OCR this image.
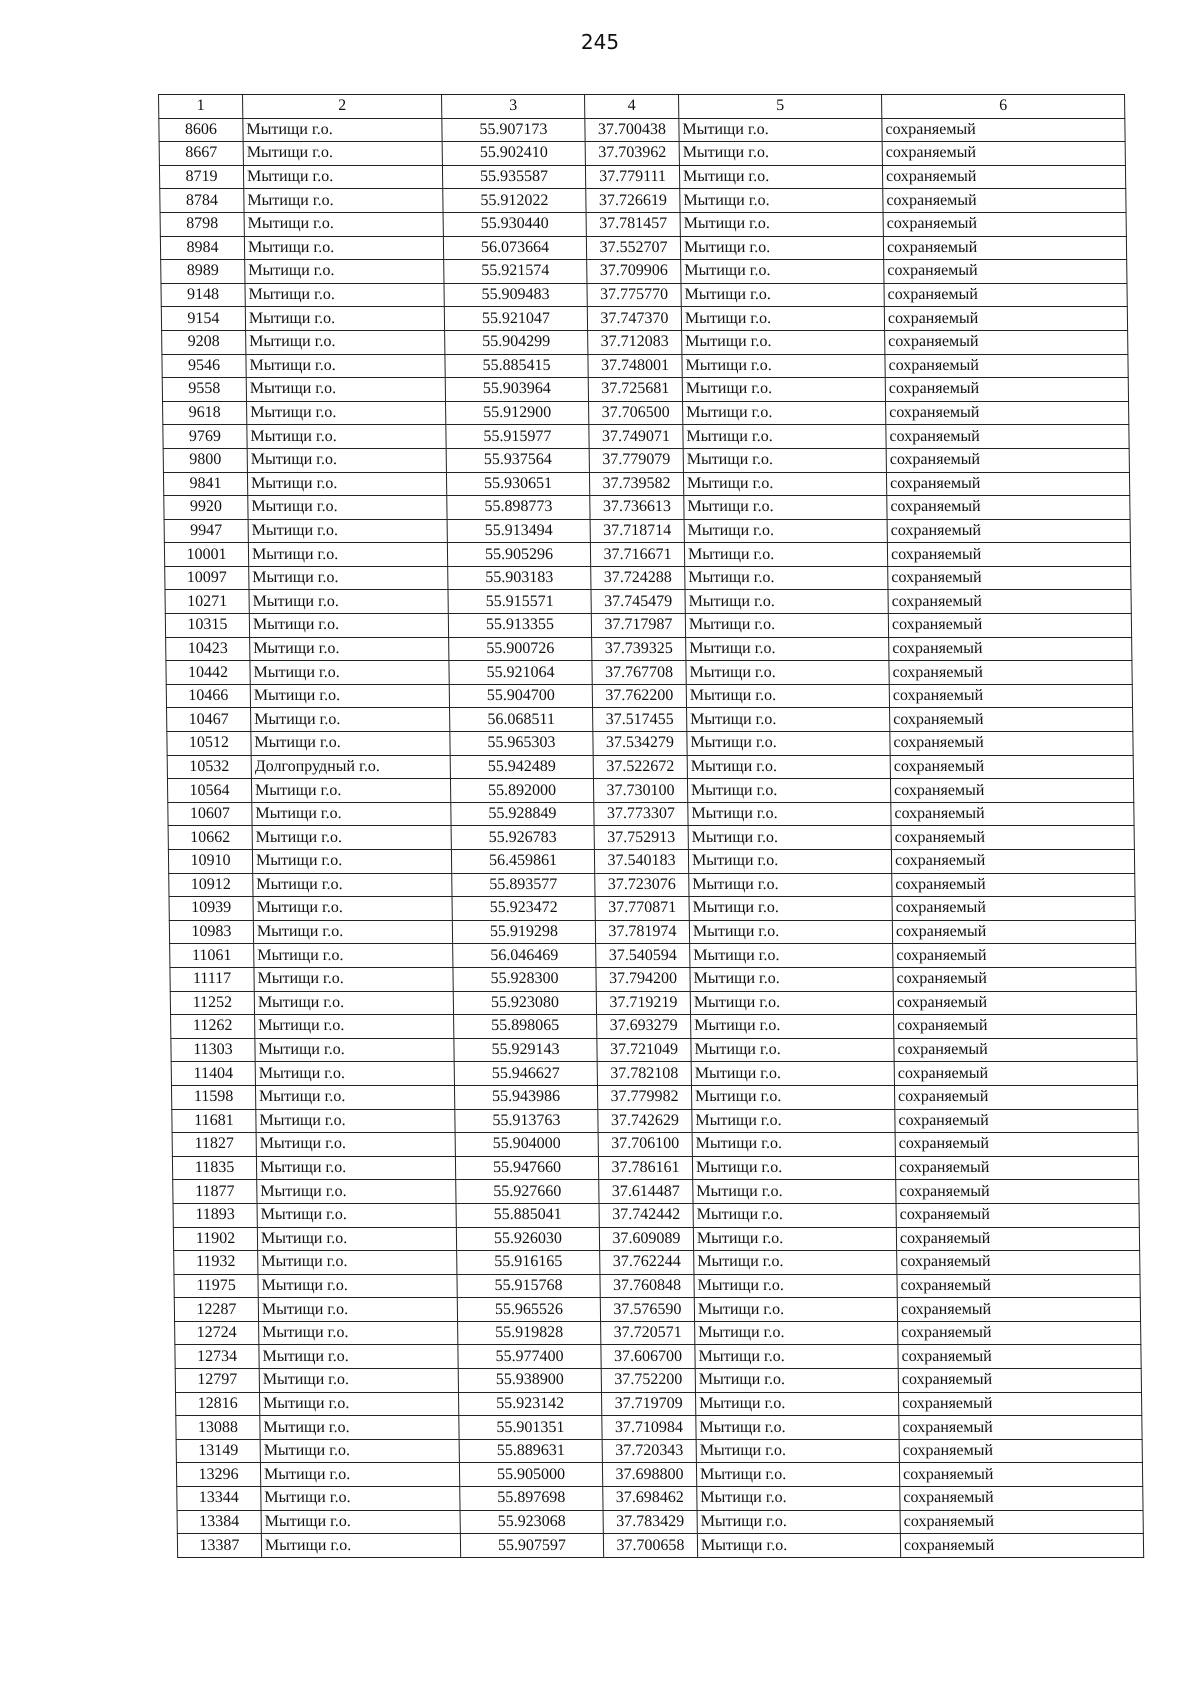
245
1	2	3	4	5	6
8606	Мытищи г.о.	55.907173	37.700438	Мытищи г.о.	сохраняемый
8667	Мытищи г.о.	55.902410	37.703962	Мытищи г.о.	сохраняемый
8719	Мытищи г.о.	55.935587	37.779111	Мытищи г.о.	сохраняемый
8784	Мытищи г.о.	55.912022	37.726619	Мытищи г.о.	сохраняемый
8798	Мытищи г.о.	55.930440	37.781457	Мытищи г.о.	сохраняемый
8984	Мытищи г.о.	56.073664	37.552707	Мытищи г.о.	сохраняемый
8989	Мытищи г.о.	55.921574	37.709906	Мытищи г.о.	сохраняемый
9148	Мытищи г.о.	55.909483	37.775770	Мытищи г.о.	сохраняемый
9154	Мытищи г.о.	55.921047	37.747370	Мытищи г.о.	сохраняемый
9208	Мытищи г.о.	55.904299	37.712083	Мытищи г.о.	сохраняемый
9546	Мытищи г.о.	55.885415	37.748001	Мытищи г.о.	сохраняемый
9558	Мытищи г.о.	55.903964	37.725681	Мытищи г.о.	сохраняемый
9618	Мытищи г.о.	55.912900	37.706500	Мытищи г.о.	сохраняемый
9769	Мытищи г.о.	55.915977	37.749071	Мытищи г.о.	сохраняемый
9800	Мытищи г.о.	55.937564	37.779079	Мытищи г.о.	сохраняемый
9841	Мытищи г.о.	55.930651	37.739582	Мытищи г.о.	сохраняемый
9920	Мытищи г.о.	55.898773	37.736613	Мытищи г.о.	сохраняемый
9947	Мытищи г.о.	55.913494	37.718714	Мытищи г.о.	сохраняемый
10001	Мытищи г.о.	55.905296	37.716671	Мытищи г.о.	сохраняемый
10097	Мытищи г.о.	55.903183	37.724288	Мытищи г.о.	сохраняемый
10271	Мытищи г.о.	55.915571	37.745479	Мытищи г.о.	сохраняемый
10315	Мытищи г.о.	55.913355	37.717987	Мытищи г.о.	сохраняемый
10423	Мытищи г.о.	55.900726	37.739325	Мытищи г.о.	сохраняемый
10442	Мытищи г.о.	55.921064	37.767708	Мытищи г.о.	сохраняемый
10466	Мытищи г.о.	55.904700	37.762200	Мытищи г.о.	сохраняемый
10467	Мытищи г.о.	56.068511	37.517455	Мытищи г.о.	сохраняемый
10512	Мытищи г.о.	55.965303	37.534279	Мытищи г.о.	сохраняемый
10532	Долгопрудный г.о.	55.942489	37.522672	Мытищи г.о.	сохраняемый
10564	Мытищи г.о.	55.892000	37.730100	Мытищи г.о.	сохраняемый
10607	Мытищи г.о.	55.928849	37.773307	Мытищи г.о.	сохраняемый
10662	Мытищи г.о.	55.926783	37.752913	Мытищи г.о.	сохраняемый
10910	Мытищи г.о.	56.459861	37.540183	Мытищи г.о.	сохраняемый
10912	Мытищи г.о.	55.893577	37.723076	Мытищи г.о.	сохраняемый
10939	Мытищи г.о.	55.923472	37.770871	Мытищи г.о.	сохраняемый
10983	Мытищи г.о.	55.919298	37.781974	Мытищи г.о.	сохраняемый
11061	Мытищи г.о.	56.046469	37.540594	Мытищи г.о.	сохраняемый
11117	Мытищи г.о.	55.928300	37.794200	Мытищи г.о.	сохраняемый
11252	Мытищи г.о.	55.923080	37.719219	Мытищи г.о.	сохраняемый
11262	Мытищи г.о.	55.898065	37.693279	Мытищи г.о.	сохраняемый
11303	Мытищи г.о.	55.929143	37.721049	Мытищи г.о.	сохраняемый
11404	Мытищи г.о.	55.946627	37.782108	Мытищи г.о.	сохраняемый
11598	Мытищи г.о.	55.943986	37.779982	Мытищи г.о.	сохраняемый
11681	Мытищи г.о.	55.913763	37.742629	Мытищи г.о.	сохраняемый
11827	Мытищи г.о.	55.904000	37.706100	Мытищи г.о.	сохраняемый
11835	Мытищи г.о.	55.947660	37.786161	Мытищи г.о.	сохраняемый
11877	Мытищи г.о.	55.927660	37.614487	Мытищи г.о.	сохраняемый
11893	Мытищи г.о.	55.885041	37.742442	Мытищи г.о.	сохраняемый
11902	Мытищи г.о.	55.926030	37.609089	Мытищи г.о.	сохраняемый
11932	Мытищи г.о.	55.916165	37.762244	Мытищи г.о.	сохраняемый
11975	Мытищи г.о.	55.915768	37.760848	Мытищи г.о.	сохраняемый
12287	Мытищи г.о.	55.965526	37.576590	Мытищи г.о.	сохраняемый
12724	Мытищи г.о.	55.919828	37.720571	Мытищи г.о.	сохраняемый
12734	Мытищи г.о.	55.977400	37.606700	Мытищи г.о.	сохраняемый
12797	Мытищи г.о.	55.938900	37.752200	Мытищи г.о.	сохраняемый
12816	Мытищи г.о.	55.923142	37.719709	Мытищи г.о.	сохраняемый
13088	Мытищи г.о.	55.901351	37.710984	Мытищи г.о.	сохраняемый
13149	Мытищи г.о.	55.889631	37.720343	Мытищи г.о.	сохраняемый
13296	Мытищи г.о.	55.905000	37.698800	Мытищи г.о.	сохраняемый
13344	Мытищи г.о.	55.897698	37.698462	Мытищи г.о.	сохраняемый
13384	Мытищи г.о.	55.923068	37.783429	Мытищи г.о.	сохраняемый
13387	Мытищи г.о.	55.907597	37.700658	Мытищи г.о.	сохраняемый
